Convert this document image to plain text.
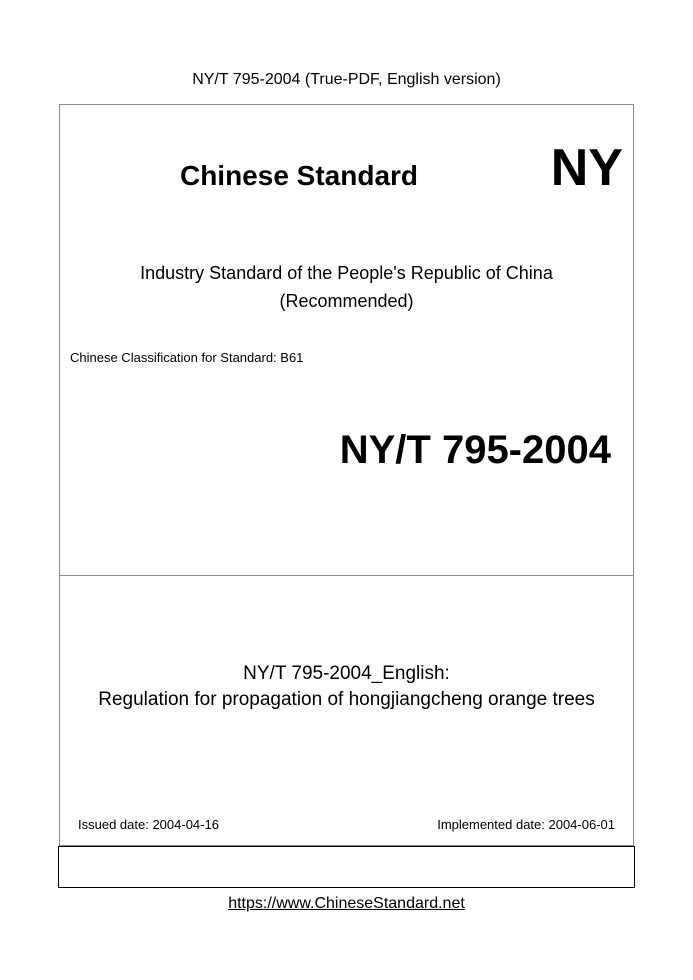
NY/T 795-2004 (True-PDF, English version)
Chinese Standard	NY
Industry Standard of the People's Republic of China
(Recommended)
Chinese Classification for Standard: B61
NY/T 795-2004
NY/T 795-2004_English:
Regulation for propagation of hongjiangcheng orange trees
Issued date: 2004-04-16	Implemented date: 2004-06-01
https://www.ChineseStandard.net
